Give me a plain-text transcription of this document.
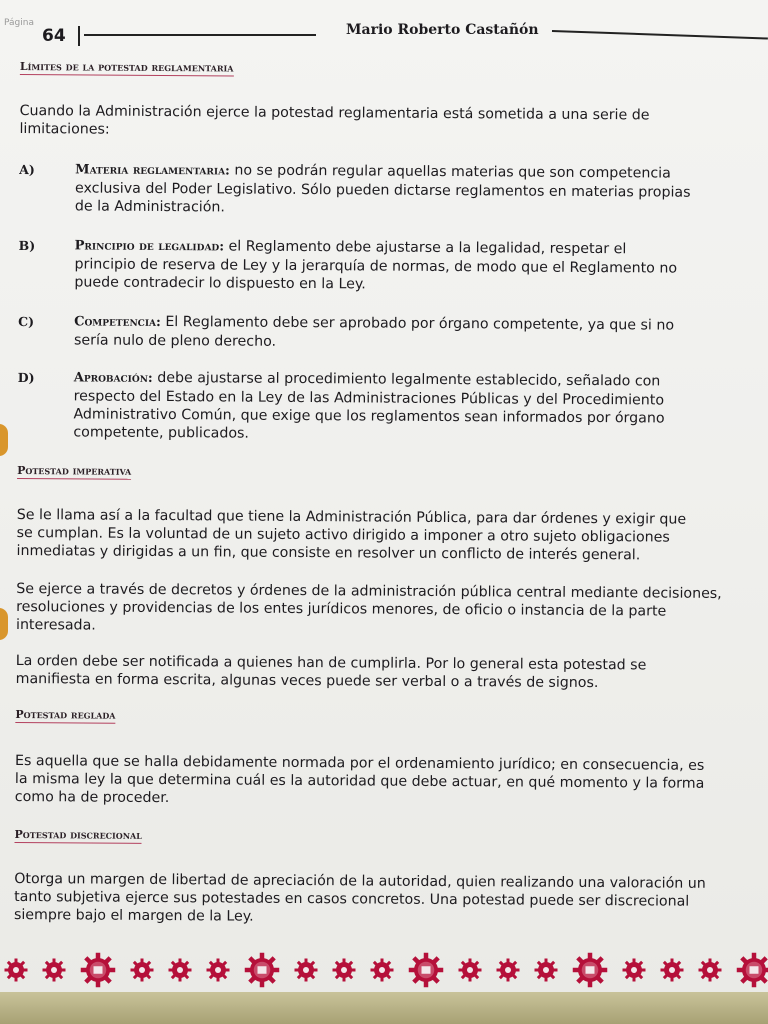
Página
64	Mario Roberto Castañón
Límites de la potestad reglamentaria
Cuando la Administración ejerce la potestad reglamentaria está sometida a una serie de
limitaciones:
A)	Materia reglamentaria: no se podrán regular aquellas materias que son competencia
exclusiva del Poder Legislativo. Sólo pueden dictarse reglamentos en materias propias
de la Administración.
B)	Principio de legalidad: el Reglamento debe ajustarse a la legalidad, respetar el
principio de reserva de Ley y la jerarquía de normas, de modo que el Reglamento no
puede contradecir lo dispuesto en la Ley.
C)	Competencia: El Reglamento debe ser aprobado por órgano competente, ya que si no
sería nulo de pleno derecho.
D)	Aprobación: debe ajustarse al procedimiento legalmente establecido, señalado con
respecto del Estado en la Ley de las Administraciones Públicas y del Procedimiento
Administrativo Común, que exige que los reglamentos sean informados por órgano
competente, publicados.
Potestad imperativa
Se le llama así a la facultad que tiene la Administración Pública, para dar órdenes y exigir que
se cumplan. Es la voluntad de un sujeto activo dirigido a imponer a otro sujeto obligaciones
inmediatas y dirigidas a un fin, que consiste en resolver un conflicto de interés general.
Se ejerce a través de decretos y órdenes de la administración pública central mediante decisiones,
resoluciones y providencias de los entes jurídicos menores, de oficio o instancia de la parte
interesada.
La orden debe ser notificada a quienes han de cumplirla. Por lo general esta potestad se
manifiesta en forma escrita, algunas veces puede ser verbal o a través de signos.
Potestad reglada
Es aquella que se halla debidamente normada por el ordenamiento jurídico; en consecuencia, es
la misma ley la que determina cuál es la autoridad que debe actuar, en qué momento y la forma
como ha de proceder.
Potestad discrecional
Otorga un margen de libertad de apreciación de la autoridad, quien realizando una valoración un
tanto subjetiva ejerce sus potestades en casos concretos. Una potestad puede ser discrecional
siempre bajo el margen de la Ley.
